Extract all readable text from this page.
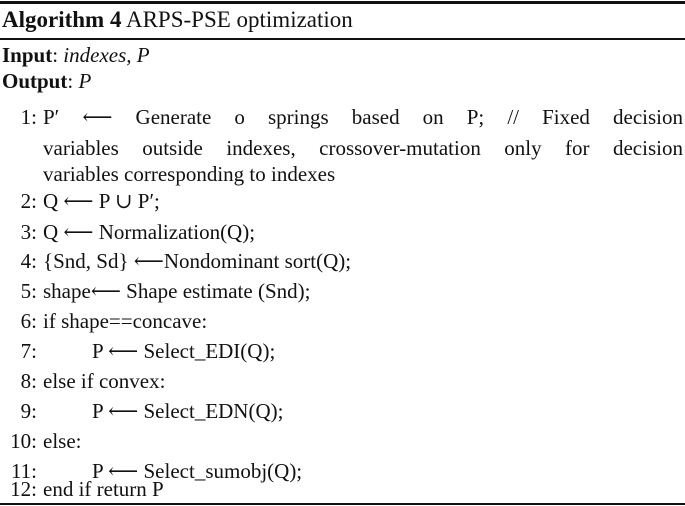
Algorithm 4 ARPS-PSE optimization
Input: indexes, P
Output: P
1: P′ ⟵ Generate o springs based on P; // Fixed decision
variables outside indexes, crossover-mutation only for decision
variables corresponding to indexes
2: Q ⟵ P ∪ P′;
3: Q ⟵ Normalization(Q);
4: {Snd, Sd} ⟵Nondominant sort(Q);
5: shape⟵ Shape estimate (Snd);
6: if shape==concave:
7:	P ⟵ Select_EDI(Q);
8: else if convex:
9:	P ⟵ Select_EDN(Q);
10: else:
11:	P ⟵ Select_sumobj(Q);
12: end if return P
